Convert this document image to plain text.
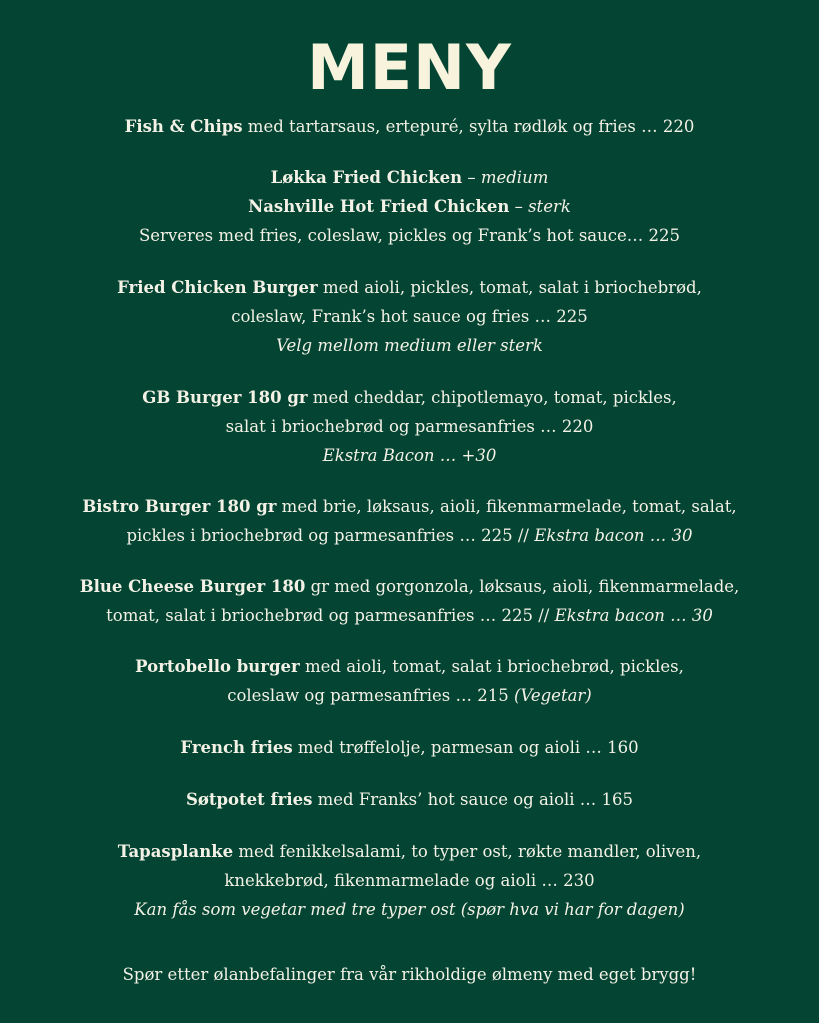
MENY
Fish & Chips med tartarsaus, ertepuré, sylta rødløk og fries … 220
Løkka Fried Chicken – medium
Nashville Hot Fried Chicken – sterk
Serveres med fries, coleslaw, pickles og Frank’s hot sauce… 225
Fried Chicken Burger med aioli, pickles, tomat, salat i briochebrød,
coleslaw, Frank’s hot sauce og fries … 225
Velg mellom medium eller sterk
GB Burger 180 gr med cheddar, chipotlemayo, tomat, pickles,
salat i briochebrød og parmesanfries … 220
Ekstra Bacon … +30
Bistro Burger 180 gr med brie, løksaus, aioli, fikenmarmelade, tomat, salat,
pickles i briochebrød og parmesanfries … 225 // Ekstra bacon … 30
Blue Cheese Burger 180 gr med gorgonzola, løksaus, aioli, fikenmarmelade,
tomat, salat i briochebrød og parmesanfries … 225 // Ekstra bacon … 30
Portobello burger med aioli, tomat, salat i briochebrød, pickles,
coleslaw og parmesanfries … 215 (Vegetar)
French fries med trøffelolje, parmesan og aioli … 160
Søtpotet fries med Franks’ hot sauce og aioli … 165
Tapasplanke med fenikkelsalami, to typer ost, røkte mandler, oliven,
knekkebrød, fikenmarmelade og aioli … 230
Kan fås som vegetar med tre typer ost (spør hva vi har for dagen)
Spør etter ølanbefalinger fra vår rikholdige ølmeny med eget brygg!
